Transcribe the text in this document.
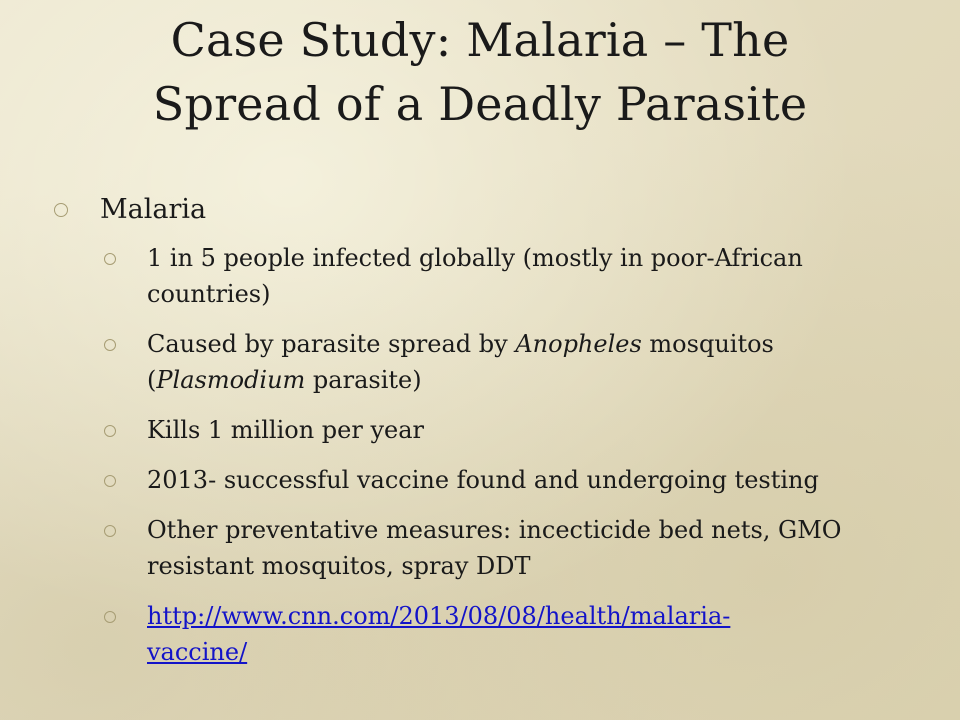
Case Study: Malaria – The
Spread of a Deadly Parasite
Malaria
1 in 5 people infected globally (mostly in poor-African countries)
Caused by parasite spread by Anopheles mosquitos (Plasmodium parasite)
Kills 1 million per year
2013- successful vaccine found and undergoing testing
Other preventative measures: incecticide bed nets, GMO resistant mosquitos, spray DDT
http://www.cnn.com/2013/08/08/health/malaria-
vaccine/
